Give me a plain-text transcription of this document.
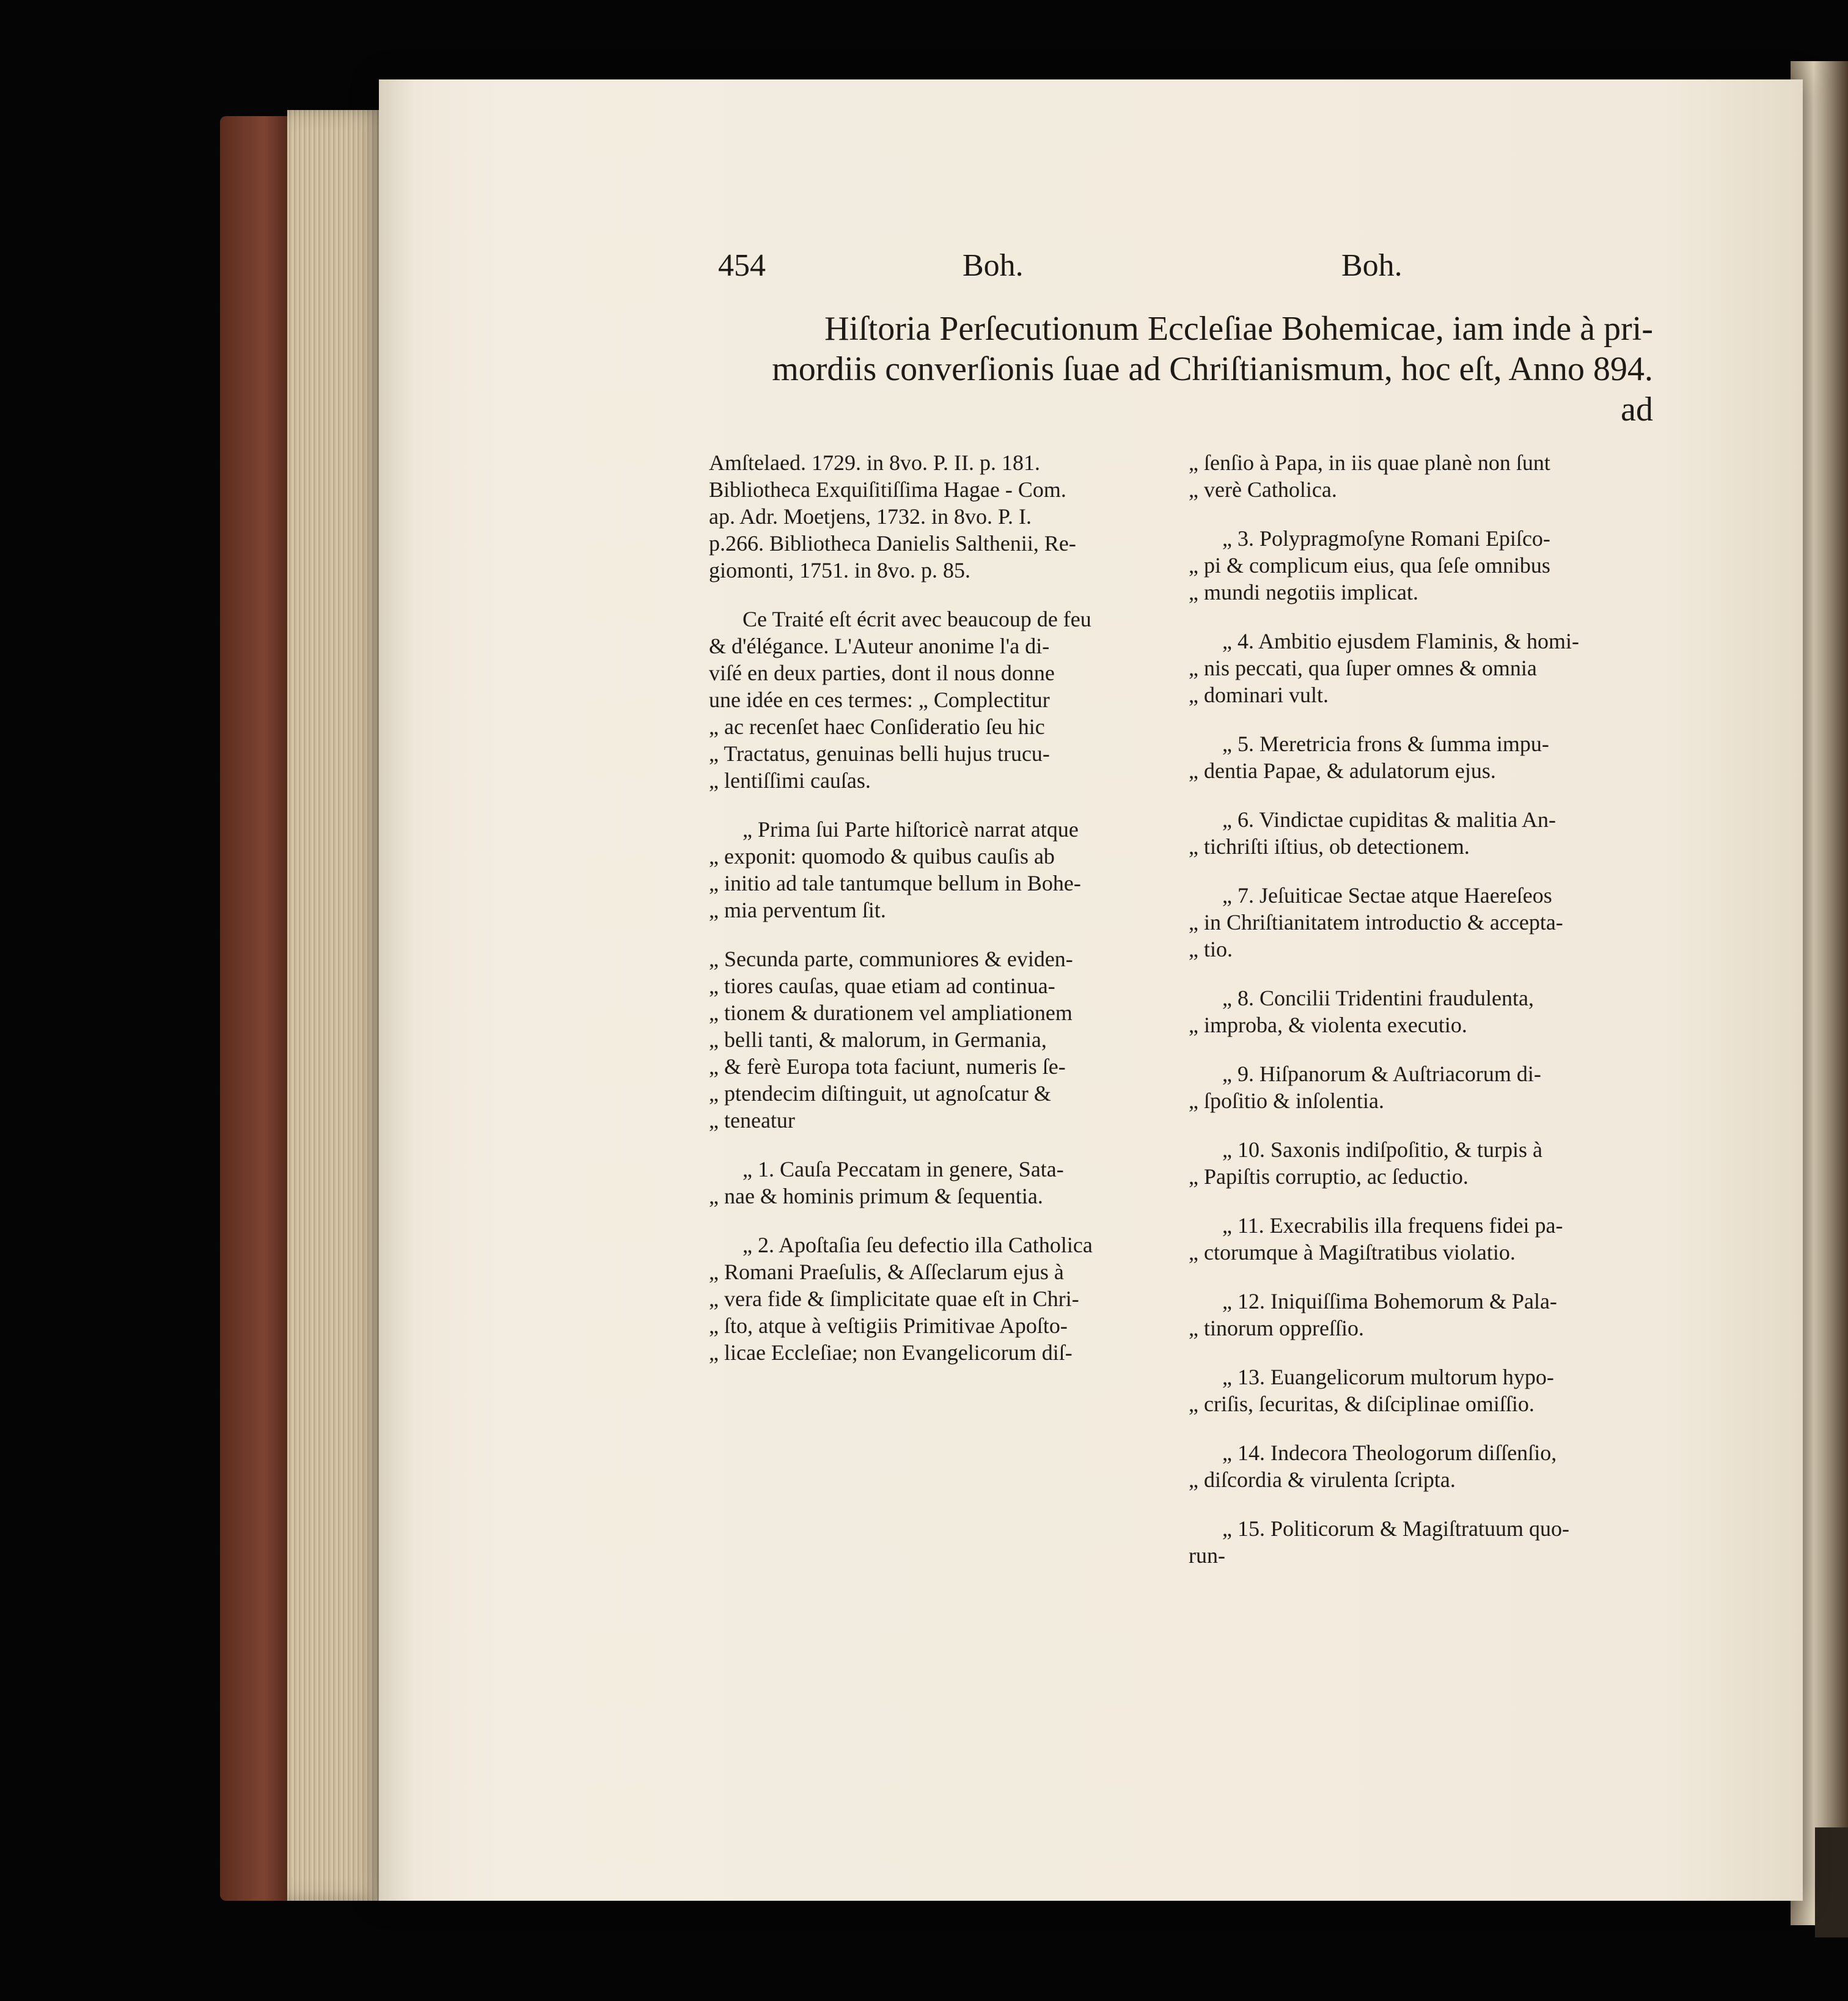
454	Boh.	Boh.
Hiſtoria Perſecutionum Eccleſiae Bohemicae, iam inde à pri-
mordiis converſionis ſuae ad Chriſtianismum, hoc eſt, Anno 894.
ad
Amſtelaed. 1729. in 8vo. P. II. p. 181.
Bibliotheca Exquiſitiſſima Hagae - Com.
ap. Adr. Moetjens, 1732. in 8vo. P. I.
p.266. Bibliotheca Danielis Salthenii, Re-
giomonti, 1751. in 8vo. p. 85.
Ce Traité eſt écrit avec beaucoup de feu
& d'élégance. L'Auteur anonime l'a di-
viſé en deux parties, dont il nous donne
une idée en ces termes: „ Complectitur
„ ac recenſet haec Conſideratio ſeu hic
„ Tractatus, genuinas belli hujus trucu-
„ lentiſſimi cauſas.
„ Prima ſui Parte hiſtoricè narrat atque
„ exponit: quomodo & quibus cauſis ab
„ initio ad tale tantumque bellum in Bohe-
„ mia perventum ſit.
„ Secunda parte, communiores & eviden-
„ tiores cauſas, quae etiam ad continua-
„ tionem & durationem vel ampliationem
„ belli tanti, & malorum, in Germania,
„ & ferè Europa tota faciunt, numeris ſe-
„ ptendecim diſtinguit, ut agnoſcatur &
„ teneatur
„ 1. Cauſa Peccatam in genere, Sata-
„ nae & hominis primum & ſequentia.
„ 2. Apoſtaſia ſeu defectio illa Catholica
„ Romani Praeſulis, & Aſſeclarum ejus à
„ vera fide & ſimplicitate quae eſt in Chri-
„ ſto, atque à veſtigiis Primitivae Apoſto-
„ licae Eccleſiae; non Evangelicorum diſ-
„ ſenſio à Papa, in iis quae planè non ſunt
„ verè Catholica.
„ 3. Polypragmoſyne Romani Epiſco-
„ pi & complicum eius, qua ſeſe omnibus
„ mundi negotiis implicat.
„ 4. Ambitio ejusdem Flaminis, & homi-
„ nis peccati, qua ſuper omnes & omnia
„ dominari vult.
„ 5. Meretricia frons & ſumma impu-
„ dentia Papae, & adulatorum ejus.
„ 6. Vindictae cupiditas & malitia An-
„ tichriſti iſtius, ob detectionem.
„ 7. Jeſuiticae Sectae atque Haereſeos
„ in Chriſtianitatem introductio & accepta-
„ tio.
„ 8. Concilii Tridentini fraudulenta,
„ improba, & violenta executio.
„ 9. Hiſpanorum & Auſtriacorum di-
„ ſpoſitio & inſolentia.
„ 10. Saxonis indiſpoſitio, & turpis à
„ Papiſtis corruptio, ac ſeductio.
„ 11. Execrabilis illa frequens fidei pa-
„ ctorumque à Magiſtratibus violatio.
„ 12. Iniquiſſima Bohemorum & Pala-
„ tinorum oppreſſio.
„ 13. Euangelicorum multorum hypo-
„ criſis, ſecuritas, & diſciplinae omiſſio.
„ 14. Indecora Theologorum diſſenſio,
„ diſcordia & virulenta ſcripta.
„ 15. Politicorum & Magiſtratuum quo-
run-
